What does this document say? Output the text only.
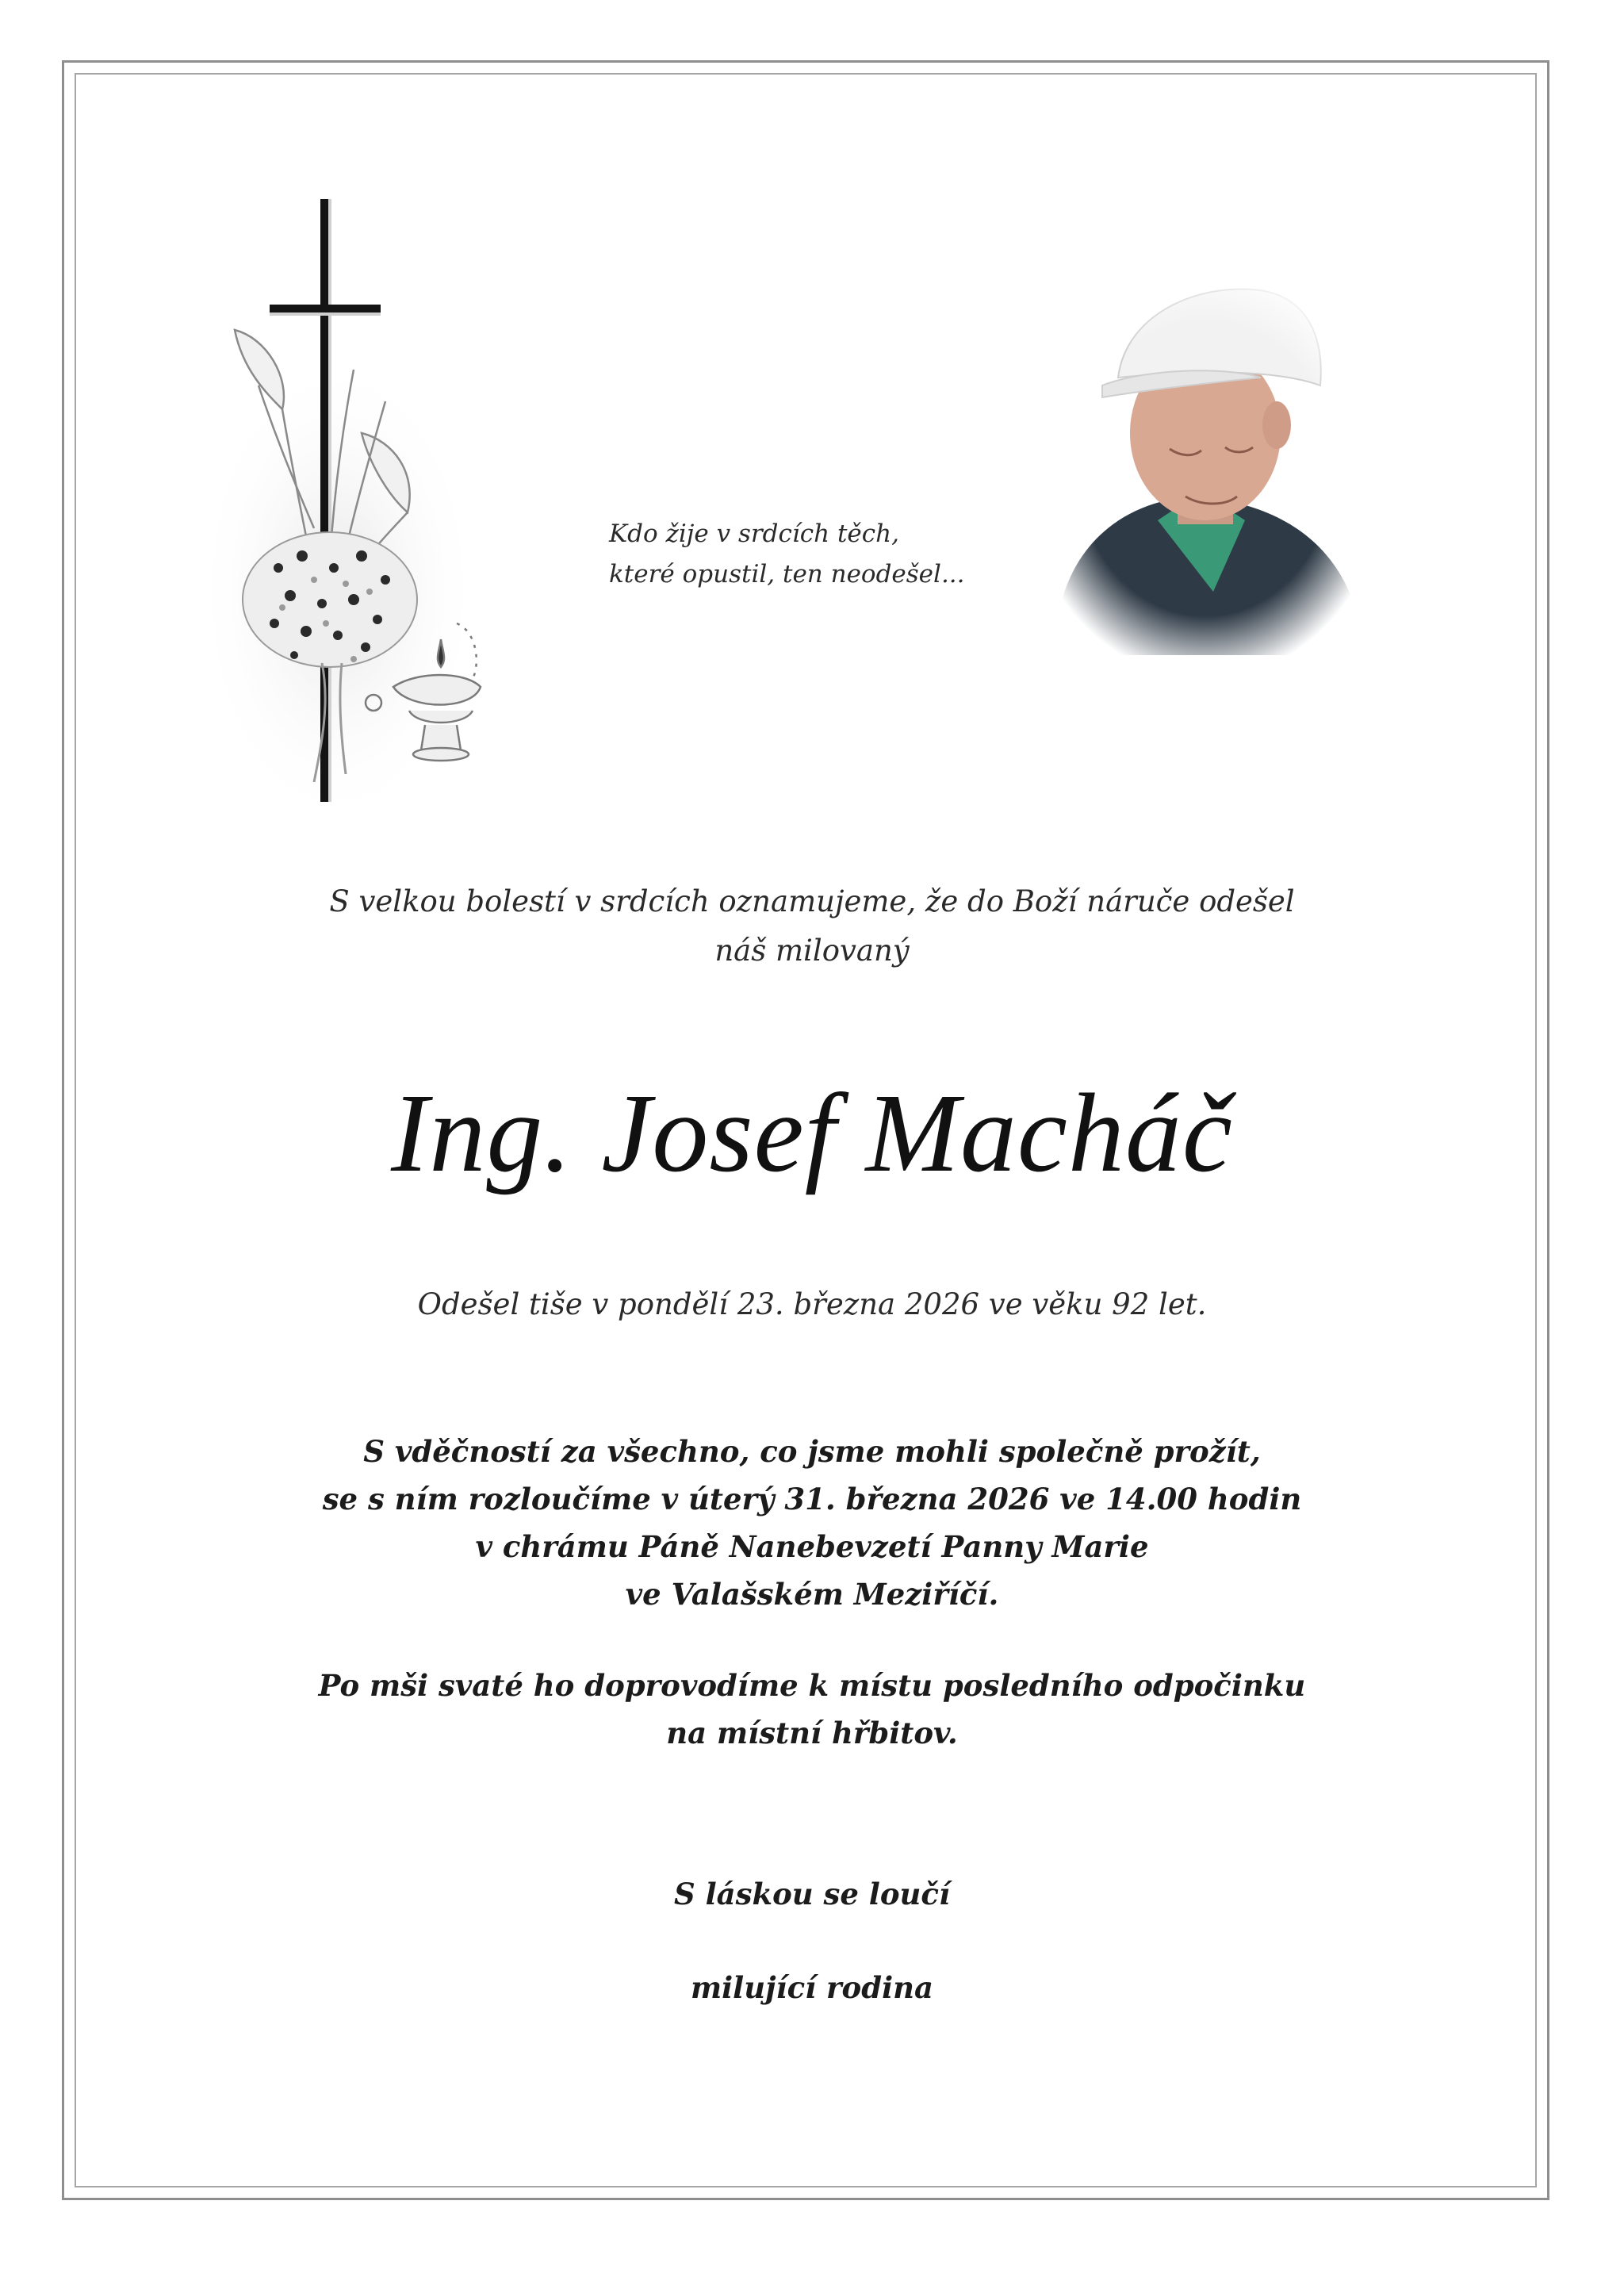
Kdo žije v srdcích těch,
které opustil, ten neodešel...
S velkou bolestí v srdcích oznamujeme, že do Boží náruče odešel
náš milovaný
Ing. Josef Macháč
Odešel tiše v pondělí 23. března 2026 ve věku 92 let.
S vděčností za všechno, co jsme mohli společně prožít,
se s ním rozloučíme v úterý 31. března 2026 ve 14.00 hodin
v chrámu Páně Nanebevzetí Panny Marie
ve Valašském Meziříčí.
Po mši svaté ho doprovodíme k místu posledního odpočinku
na místní hřbitov.
S láskou se loučí
milující rodina
